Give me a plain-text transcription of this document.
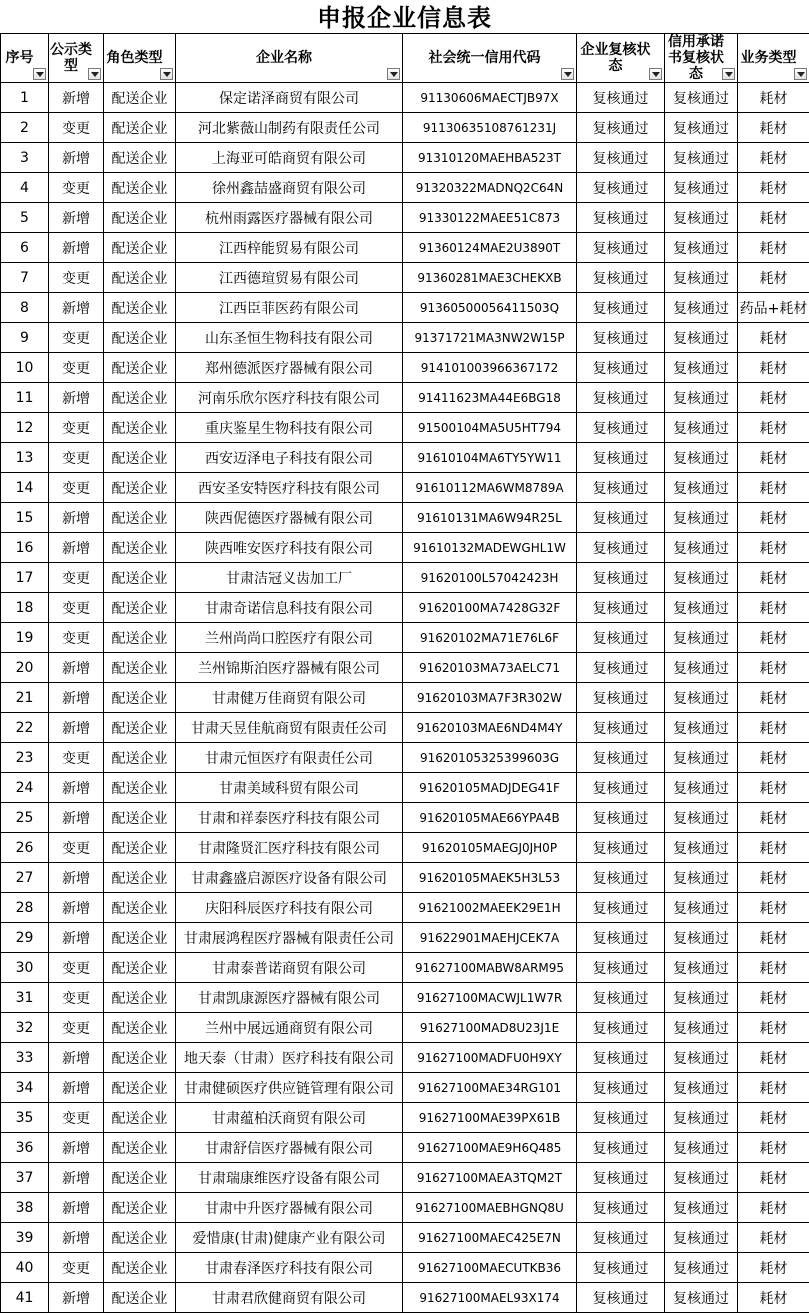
申报企业信息表
序号	公示类型	角色类型	企业名称	社会统一信用代码	企业复核状态	信用承诺书复核状态	业务类型

1	新增	配送企业	保定诺泽商贸有限公司	91130606MAECTJB97X	复核通过	复核通过	耗材
2	变更	配送企业	河北紫薇山制药有限责任公司	91130635108761231J	复核通过	复核通过	耗材
3	新增	配送企业	上海亚可皓商贸有限公司	91310120MAEHBA523T	复核通过	复核通过	耗材
4	变更	配送企业	徐州鑫喆盛商贸有限公司	91320322MADNQ2C64N	复核通过	复核通过	耗材
5	新增	配送企业	杭州雨露医疗器械有限公司	91330122MAEE51C873	复核通过	复核通过	耗材
6	新增	配送企业	江西梓能贸易有限公司	91360124MAE2U3890T	复核通过	复核通过	耗材
7	变更	配送企业	江西德瑄贸易有限公司	91360281MAE3CHEKXB	复核通过	复核通过	耗材
8	新增	配送企业	江西臣菲医药有限公司	91360500056411503Q	复核通过	复核通过	药品+耗材
9	变更	配送企业	山东圣恒生物科技有限公司	91371721MA3NW2W15P	复核通过	复核通过	耗材
10	变更	配送企业	郑州德派医疗器械有限公司	914101003966367172	复核通过	复核通过	耗材
11	新增	配送企业	河南乐欣尔医疗科技有限公司	91411623MA44E6BG18	复核通过	复核通过	耗材
12	变更	配送企业	重庆鉴星生物科技有限公司	91500104MA5U5HT794	复核通过	复核通过	耗材
13	变更	配送企业	西安迈泽电子科技有限公司	91610104MA6TY5YW11	复核通过	复核通过	耗材
14	变更	配送企业	西安圣安特医疗科技有限公司	91610112MA6WM8789A	复核通过	复核通过	耗材
15	新增	配送企业	陕西伲德医疗器械有限公司	91610131MA6W94R25L	复核通过	复核通过	耗材
16	新增	配送企业	陕西唯安医疗科技有限公司	91610132MADEWGHL1W	复核通过	复核通过	耗材
17	变更	配送企业	甘肃洁冠义齿加工厂	91620100L57042423H	复核通过	复核通过	耗材
18	变更	配送企业	甘肃奇诺信息科技有限公司	91620100MA7428G32F	复核通过	复核通过	耗材
19	变更	配送企业	兰州尚尚口腔医疗有限公司	91620102MA71E76L6F	复核通过	复核通过	耗材
20	新增	配送企业	兰州锦斯泊医疗器械有限公司	91620103MA73AELC71	复核通过	复核通过	耗材
21	新增	配送企业	甘肃健万佳商贸有限公司	91620103MA7F3R302W	复核通过	复核通过	耗材
22	新增	配送企业	甘肃天昱佳航商贸有限责任公司	91620103MAE6ND4M4Y	复核通过	复核通过	耗材
23	变更	配送企业	甘肃元恒医疗有限责任公司	91620105325399603G	复核通过	复核通过	耗材
24	新增	配送企业	甘肃美域科贸有限公司	91620105MADJDEG41F	复核通过	复核通过	耗材
25	新增	配送企业	甘肃和祥泰医疗科技有限公司	91620105MAE66YPA4B	复核通过	复核通过	耗材
26	变更	配送企业	甘肃隆贤汇医疗科技有限公司	91620105MAEGJ0JH0P	复核通过	复核通过	耗材
27	新增	配送企业	甘肃鑫盛启源医疗设备有限公司	91620105MAEK5H3L53	复核通过	复核通过	耗材
28	新增	配送企业	庆阳科辰医疗科技有限公司	91621002MAEEK29E1H	复核通过	复核通过	耗材
29	新增	配送企业	甘肃展鸿程医疗器械有限责任公司	91622901MAEHJCEK7A	复核通过	复核通过	耗材
30	变更	配送企业	甘肃泰普诺商贸有限公司	91627100MABW8ARM95	复核通过	复核通过	耗材
31	变更	配送企业	甘肃凯康源医疗器械有限公司	91627100MACWJL1W7R	复核通过	复核通过	耗材
32	变更	配送企业	兰州中展远通商贸有限公司	91627100MAD8U23J1E	复核通过	复核通过	耗材
33	新增	配送企业	地天泰（甘肃）医疗科技有限公司	91627100MADFU0H9XY	复核通过	复核通过	耗材
34	新增	配送企业	甘肃健硕医疗供应链管理有限公司	91627100MAE34RG101	复核通过	复核通过	耗材
35	变更	配送企业	甘肃蕴柏沃商贸有限公司	91627100MAE39PX61B	复核通过	复核通过	耗材
36	新增	配送企业	甘肃舒信医疗器械有限公司	91627100MAE9H6Q485	复核通过	复核通过	耗材
37	新增	配送企业	甘肃瑞康维医疗设备有限公司	91627100MAEA3TQM2T	复核通过	复核通过	耗材
38	新增	配送企业	甘肃中升医疗器械有限公司	91627100MAEBHGNQ8U	复核通过	复核通过	耗材
39	新增	配送企业	爱惜康(甘肃)健康产业有限公司	91627100MAEC425E7N	复核通过	复核通过	耗材
40	变更	配送企业	甘肃春泽医疗科技有限公司	91627100MAECUTKB36	复核通过	复核通过	耗材
41	新增	配送企业	甘肃君欣健商贸有限公司	91627100MAEL93X174	复核通过	复核通过	耗材
